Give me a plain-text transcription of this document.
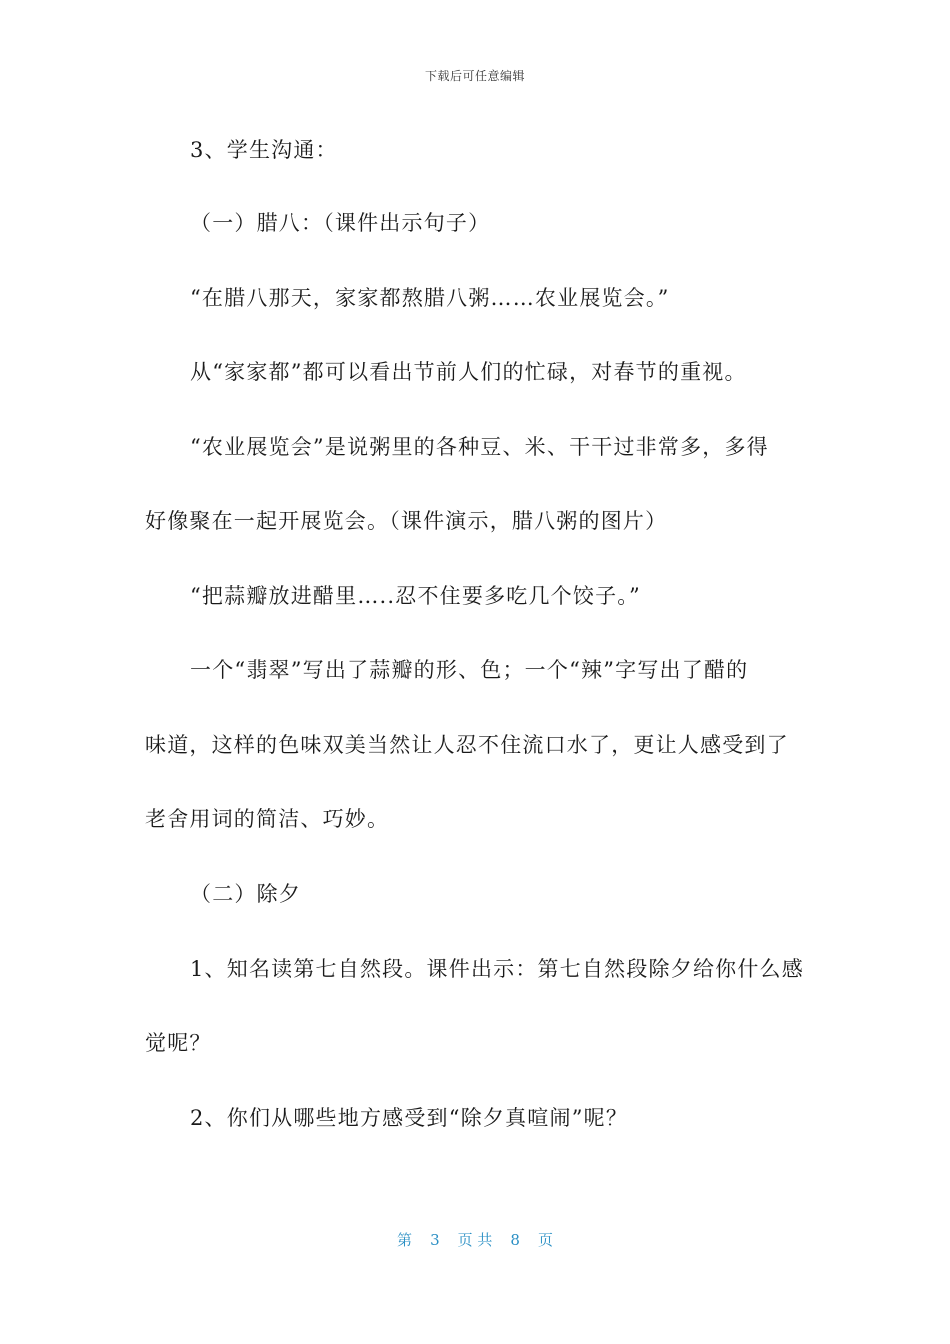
下载后可任意编辑
3、学生沟通：
（一）腊八：（课件出示句子）
“在腊八那天，家家都熬腊八粥……农业展览会。”
从“家家都”都可以看出节前人们的忙碌，对春节的重视。
“农业展览会”是说粥里的各种豆、米、干干过非常多，多得
好像聚在一起开展览会。（课件演示，腊八粥的图片）
“把蒜瓣放进醋里…..忍不住要多吃几个饺子。”
一个“翡翠”写出了蒜瓣的形、色；一个“辣”字写出了醋的
味道，这样的色味双美当然让人忍不住流口水了，更让人感受到了
老舍用词的简洁、巧妙。
（二）除夕
1、知名读第七自然段。课件出示：第七自然段除夕给你什么感
觉呢？
2、你们从哪些地方感受到“除夕真喧闹”呢？
第 3 页 共 8 页
